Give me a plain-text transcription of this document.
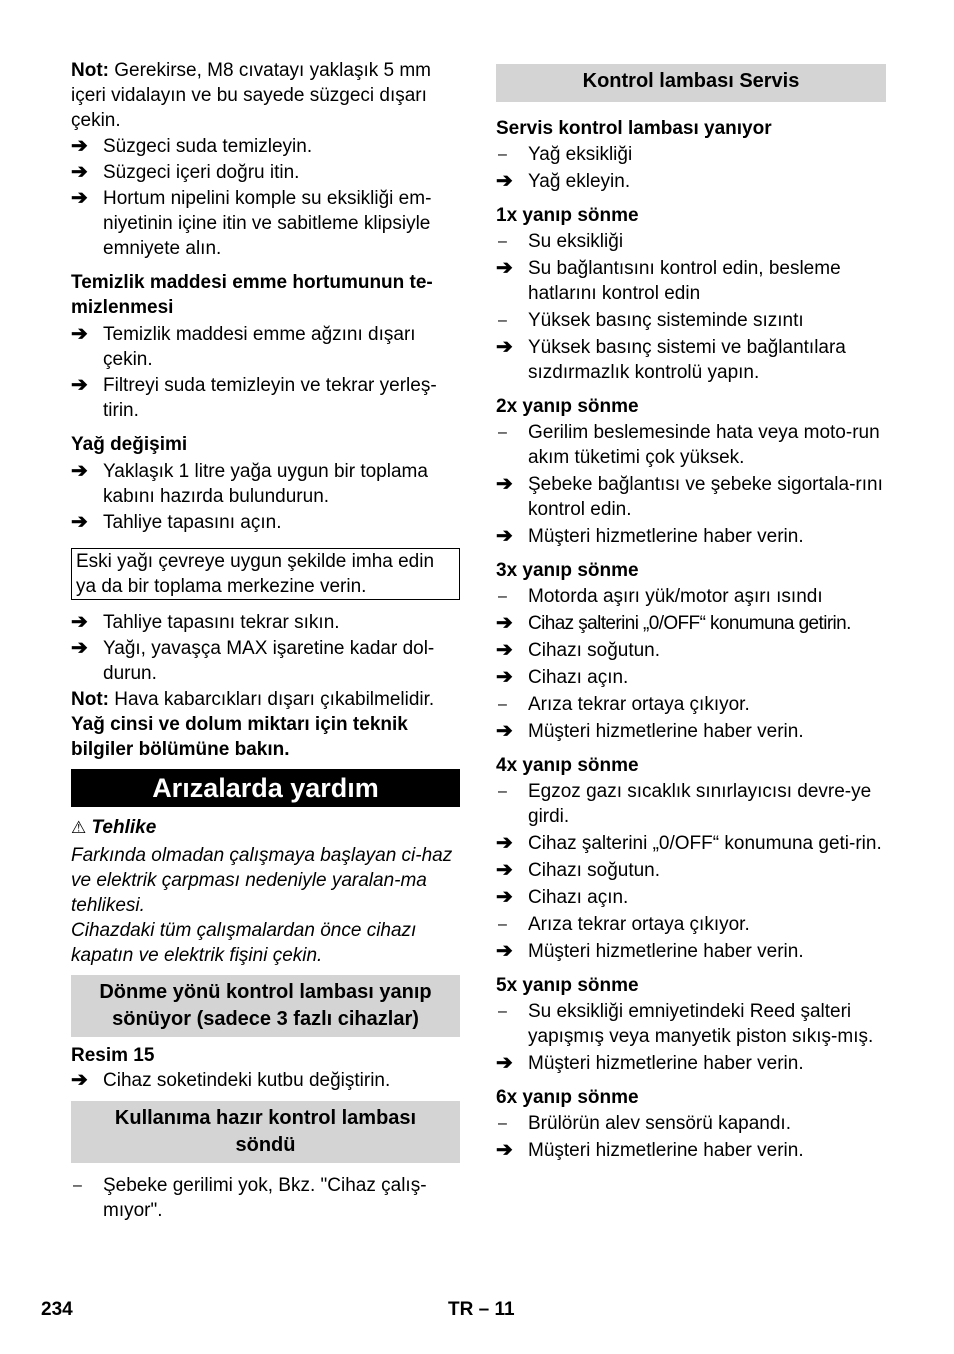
Not: Gerekirse, M8 cıvatayı yaklaşık 5 mm içeri vidalayın ve bu sayede süzgeci dışarı çekin.
➔ Süzgeci suda temizleyin.
➔ Süzgeci içeri doğru itin.
➔ Hortum nipelini komple su eksikliği em-niyetinin içine itin ve sabitleme klipsiyle emniyete alın.
Temizlik maddesi emme hortumunun te-mizlenmesi
➔ Temizlik maddesi emme ağzını dışarı çekin.
➔ Filtreyi suda temizleyin ve tekrar yerleş-tirin.
Yağ değişimi
➔ Yaklaşık 1 litre yağa uygun bir toplama kabını hazırda bulundurun.
➔ Tahliye tapasını açın.
Eski yağı çevreye uygun şekilde imha edin ya da bir toplama merkezine verin.
➔ Tahliye tapasını tekrar sıkın.
➔ Yağı, yavaşça MAX işaretine kadar dol-durun.
Not: Hava kabarcıkları dışarı çıkabilmelidir.
Yağ cinsi ve dolum miktarı için teknik bilgiler bölümüne bakın.
Arızalarda yardım
⚠ Tehlike
Farkında olmadan çalışmaya başlayan ci-haz ve elektrik çarpması nedeniyle yaralan-ma tehlikesi.
Cihazdaki tüm çalışmalardan önce cihazı kapatın ve elektrik fişini çekin.
Dönme yönü kontrol lambası yanıp sönüyor (sadece 3 fazlı cihazlar)
Resim 15
➔ Cihaz soketindeki kutbu değiştirin.
Kullanıma hazır kontrol lambası söndü
–	Şebeke gerilimi yok, Bkz. "Cihaz çalış-mıyor".
Kontrol lambası Servis
Servis kontrol lambası yanıyor
–	Yağ eksikliği
➔ Yağ ekleyin.
1x yanıp sönme
–	Su eksikliği
➔ Su bağlantısını kontrol edin, besleme hatlarını kontrol edin
–	Yüksek basınç sisteminde sızıntı
➔ Yüksek basınç sistemi ve bağlantılara sızdırmazlık kontrolü yapın.
2x yanıp sönme
–	Gerilim beslemesinde hata veya moto-run akım tüketimi çok yüksek.
➔ Şebeke bağlantısı ve şebeke sigortala-rını kontrol edin.
➔ Müşteri hizmetlerine haber verin.
3x yanıp sönme
–	Motorda aşırı yük/motor aşırı ısındı
➔ Cihaz şalterini „0/OFF“ konumuna getirin.
➔ Cihazı soğutun.
➔ Cihazı açın.
–	Arıza tekrar ortaya çıkıyor.
➔ Müşteri hizmetlerine haber verin.
4x yanıp sönme
–	Egzoz gazı sıcaklık sınırlayıcısı devre-ye girdi.
➔ Cihaz şalterini „0/OFF“ konumuna geti-rin.
➔ Cihazı soğutun.
➔ Cihazı açın.
–	Arıza tekrar ortaya çıkıyor.
➔ Müşteri hizmetlerine haber verin.
5x yanıp sönme
–	Su eksikliği emniyetindeki Reed şalteri yapışmış veya manyetik piston sıkış-mış.
➔ Müşteri hizmetlerine haber verin.
6x yanıp sönme
–	Brülörün alev sensörü kapandı.
➔ Müşteri hizmetlerine haber verin.
234	TR – 11
